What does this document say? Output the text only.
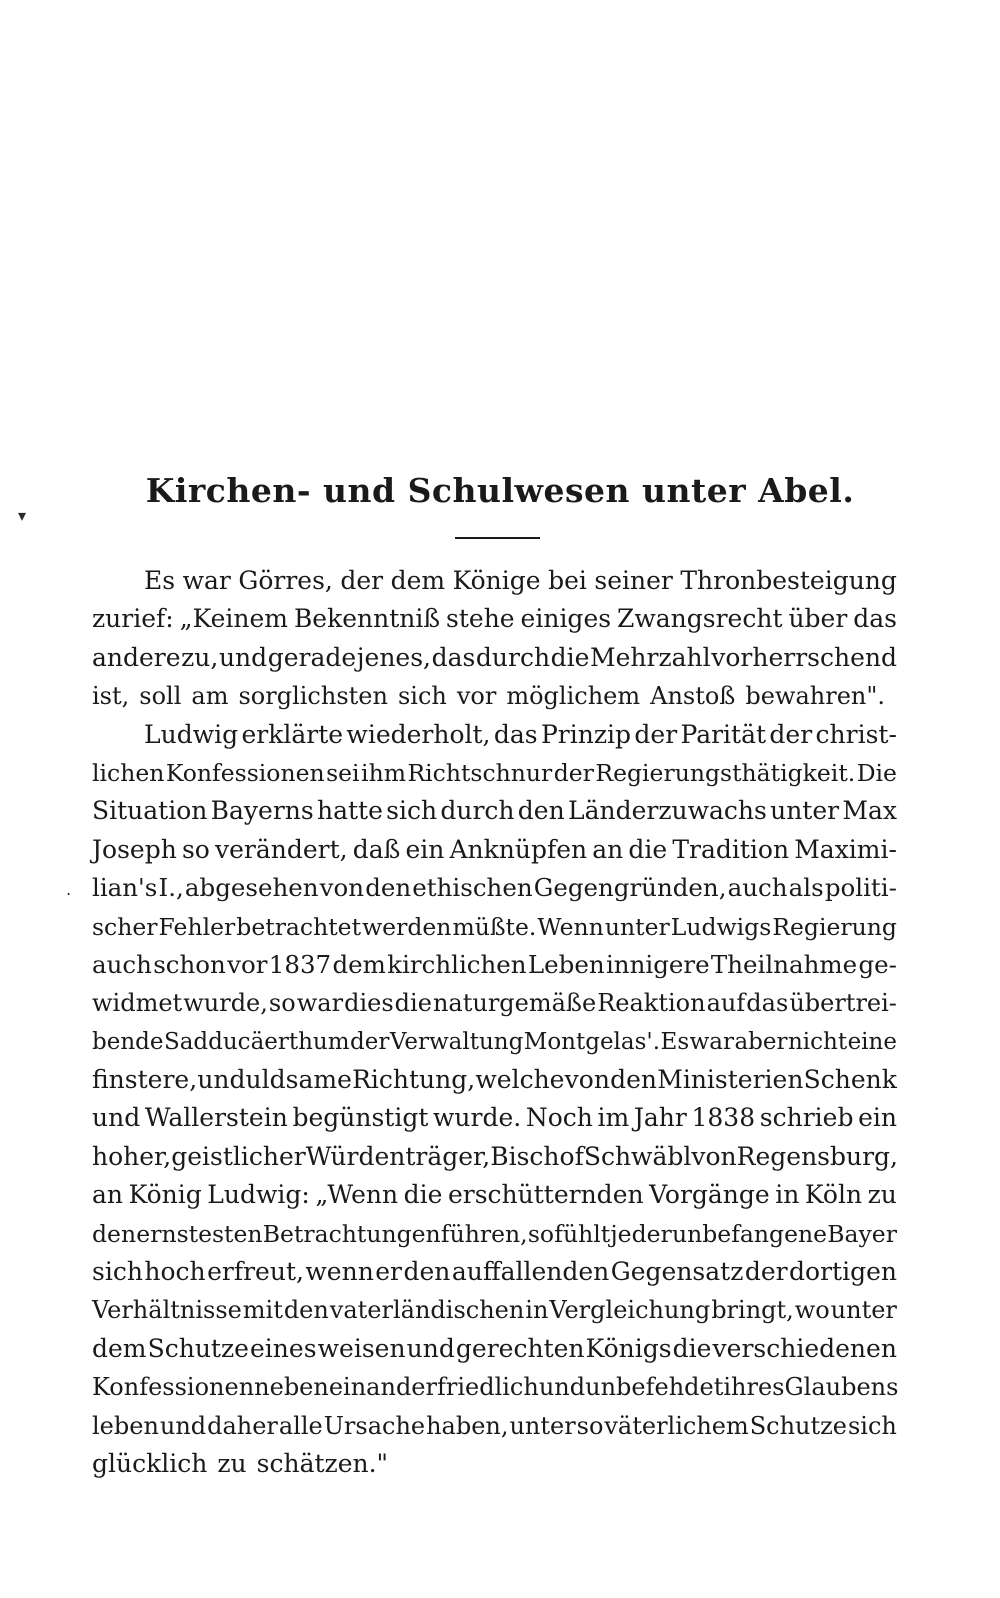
▾
.
Kirchen- und Schulwesen unter Abel.
Es war Görres, der dem Könige bei seiner Thronbesteigung
zurief: „Keinem Bekenntniß stehe einiges Zwangsrecht über das
andere zu, und gerade jenes, das durch die Mehrzahl vorherrschend
ist, soll am sorglichsten sich vor möglichem Anstoß bewahren".
Ludwig erklärte wiederholt, das Prinzip der Parität der christ-
lichen Konfessionen sei ihm Richtschnur der Regierungsthätigkeit. Die
Situation Bayerns hatte sich durch den Länderzuwachs unter Max
Joseph so verändert, daß ein Anknüpfen an die Tradition Maximi-
lian's I., abgesehen von den ethischen Gegengründen, auch als politi-
scher Fehler betrachtet werden müßte. Wenn unter Ludwigs Regierung
auch schon vor 1837 dem kirchlichen Leben innigere Theilnahme ge-
widmet wurde, so war dies die naturgemäße Reaktion auf das übertrei-
bende Sadducäerthum der Verwaltung Montgelas'. Es war aber nicht eine
finstere, unduldsame Richtung, welche von den Ministerien Schenk
und Wallerstein begünstigt wurde. Noch im Jahr 1838 schrieb ein
hoher, geistlicher Würdenträger, Bischof Schwäbl von Regensburg,
an König Ludwig: „Wenn die erschütternden Vorgänge in Köln zu
den ernstesten Betrachtungen führen, so fühlt jeder unbefangene Bayer
sich hoch erfreut, wenn er den auffallenden Gegensatz der dortigen
Verhältnisse mit den vaterländischen in Vergleichung bringt, wo unter
dem Schutze eines weisen und gerechten Königs die verschiedenen
Konfessionen neben einander friedlich und unbefehdet ihres Glaubens
leben und daher alle Ursache haben, unter so väterlichem Schutze sich
glücklich zu schätzen."
